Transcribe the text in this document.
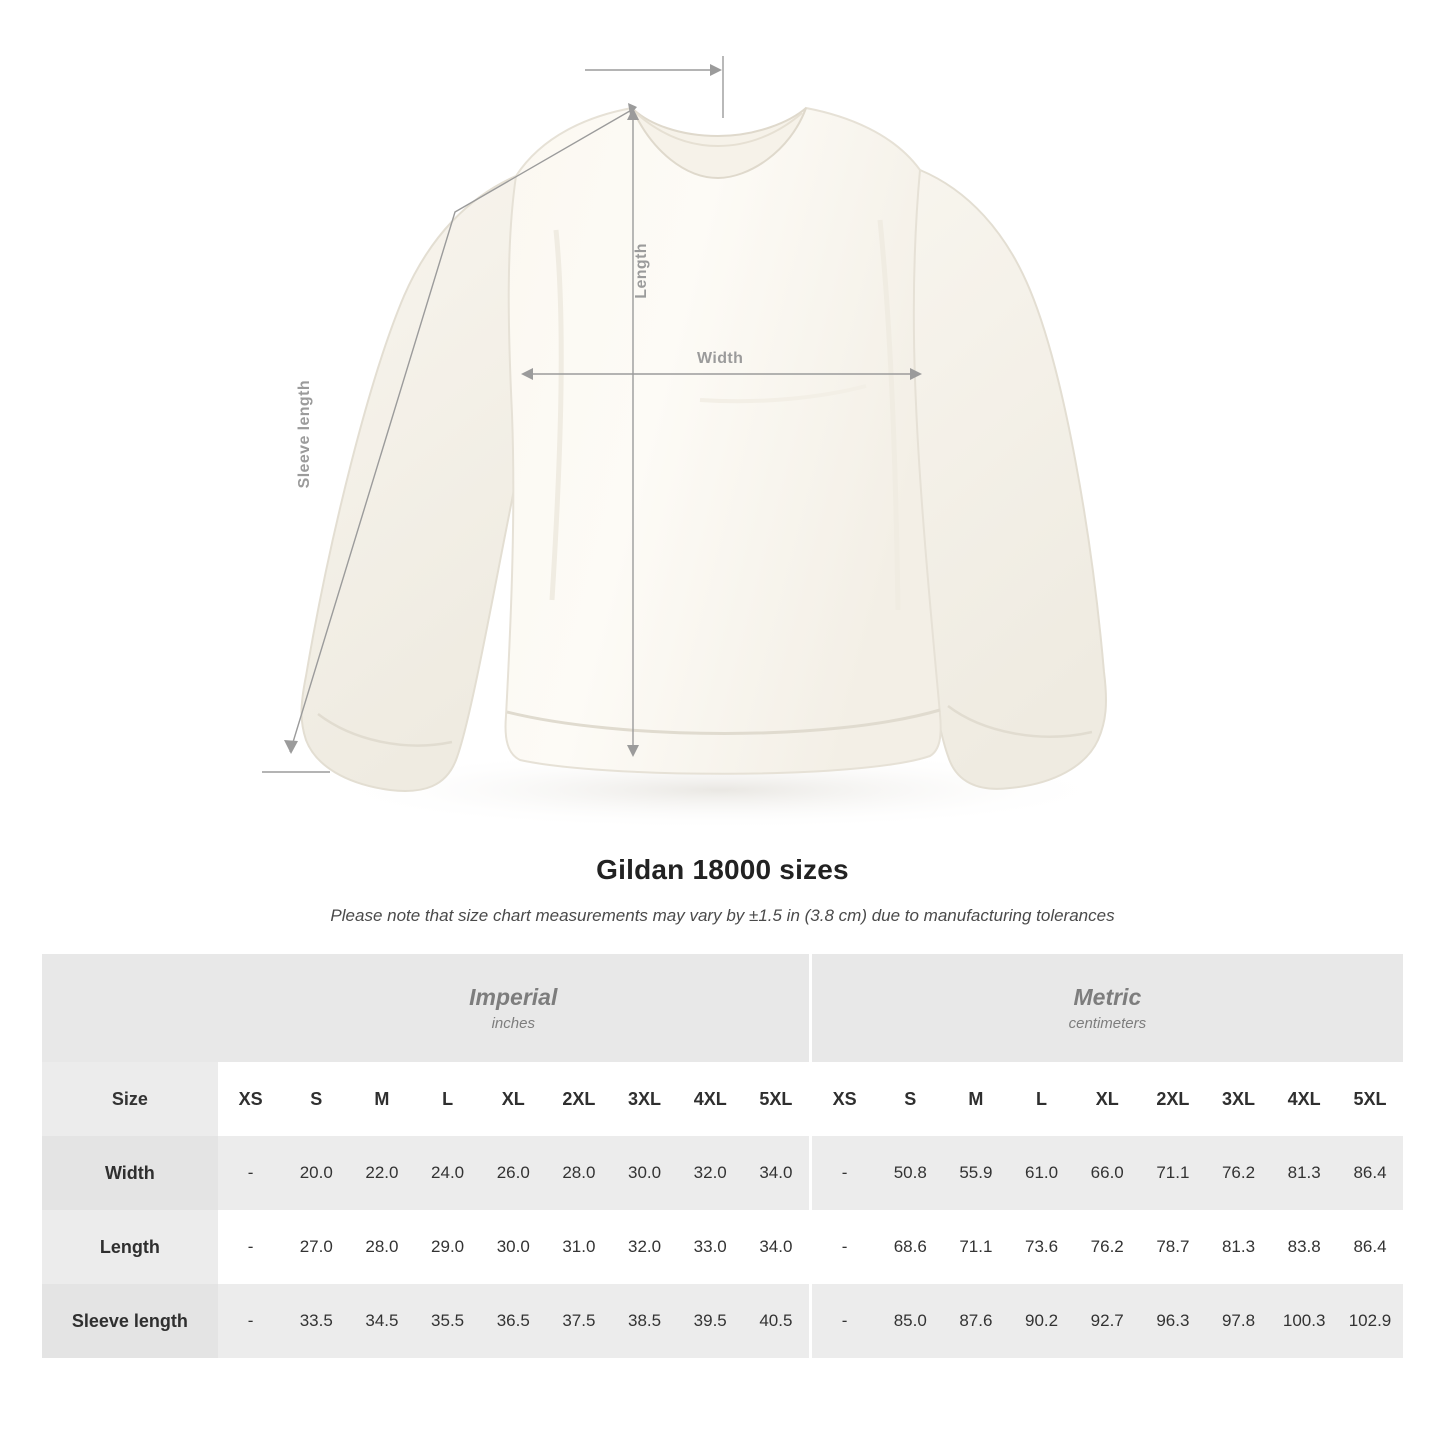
Length
Width
Sleeve length
Gildan 18000 sizes
Please note that size chart measurements may vary by ±1.5 in (3.8 cm) due to manufacturing tolerances

Imperial
inches

Metric
centimeters

Size	XS	S	M	L	XL	2XL	3XL	4XL	5XL		XS	S	M	L	XL	2XL	3XL	4XL	5XL
Width	-	20.0	22.0	24.0	26.0	28.0	30.0	32.0	34.0		-	50.8	55.9	61.0	66.0	71.1	76.2	81.3	86.4
Length	-	27.0	28.0	29.0	30.0	31.0	32.0	33.0	34.0		-	68.6	71.1	73.6	76.2	78.7	81.3	83.8	86.4
Sleeve length	-	33.5	34.5	35.5	36.5	37.5	38.5	39.5	40.5		-	85.0	87.6	90.2	92.7	96.3	97.8	100.3	102.9
